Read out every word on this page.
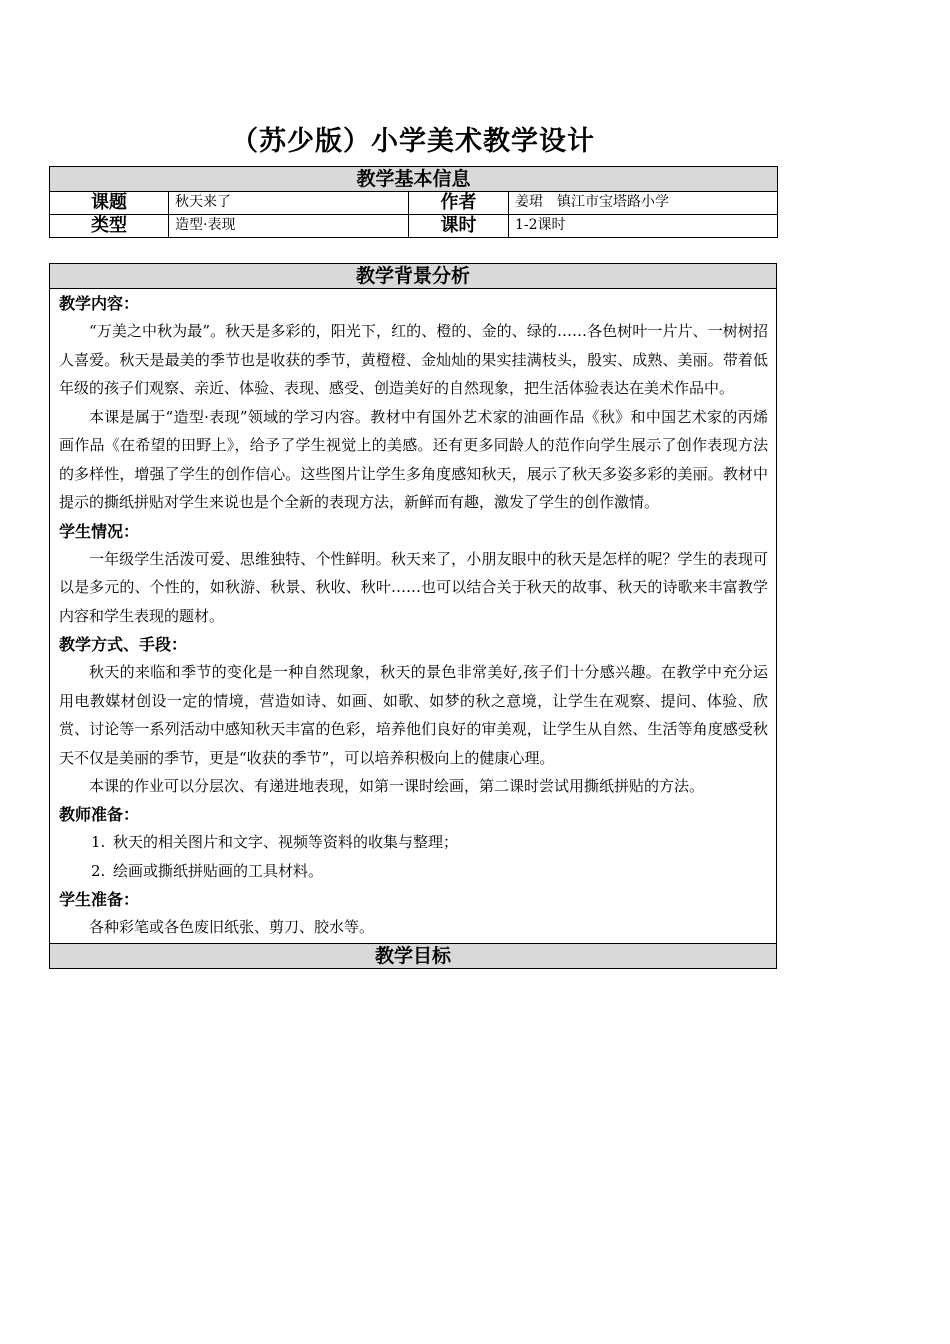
（苏少版）小学美术教学设计
教学基本信息			
课题	秋天来了	作者	姜珺　镇江市宝塔路小学
类型	造型·表现	课时	1-2课时
教学背景分析

教学内容：

“万美之中秋为最”。秋天是多彩的，阳光下，红的、橙的、金的、绿的……各色树叶一片片、一树树招人喜爱。秋天是最美的季节也是收获的季节，黄橙橙、金灿灿的果实挂满枝头，殷实、成熟、美丽。带着低年级的孩子们观察、亲近、体验、表现、感受、创造美好的自然现象，把生活体验表达在美术作品中。

本课是属于“造型·表现”领域的学习内容。教材中有国外艺术家的油画作品《秋》和中国艺术家的丙烯画作品《在希望的田野上》，给予了学生视觉上的美感。还有更多同龄人的范作向学生展示了创作表现方法的多样性，增强了学生的创作信心。这些图片让学生多角度感知秋天，展示了秋天多姿多彩的美丽。教材中提示的撕纸拼贴对学生来说也是个全新的表现方法，新鲜而有趣，激发了学生的创作激情。

学生情况：

一年级学生活泼可爱、思维独特、个性鲜明。秋天来了，小朋友眼中的秋天是怎样的呢？学生的表现可以是多元的、个性的，如秋游、秋景、秋收、秋叶……也可以结合关于秋天的故事、秋天的诗歌来丰富教学内容和学生表现的题材。

教学方式、手段：

秋天的来临和季节的变化是一种自然现象，秋天的景色非常美好,孩子们十分感兴趣。在教学中充分运用电教媒材创设一定的情境，营造如诗、如画、如歌、如梦的秋之意境，让学生在观察、提问、体验、欣赏、讨论等一系列活动中感知秋天丰富的色彩，培养他们良好的审美观，让学生从自然、生活等角度感受秋天不仅是美丽的季节，更是“收获的季节”，可以培养积极向上的健康心理。

本课的作业可以分层次、有递进地表现，如第一课时绘画，第二课时尝试用撕纸拼贴的方法。

教师准备：

1. 秋天的相关图片和文字、视频等资料的收集与整理；

2. 绘画或撕纸拼贴画的工具材料。

学生准备：

各种彩笔或各色废旧纸张、剪刀、胶水等。

教学目标
